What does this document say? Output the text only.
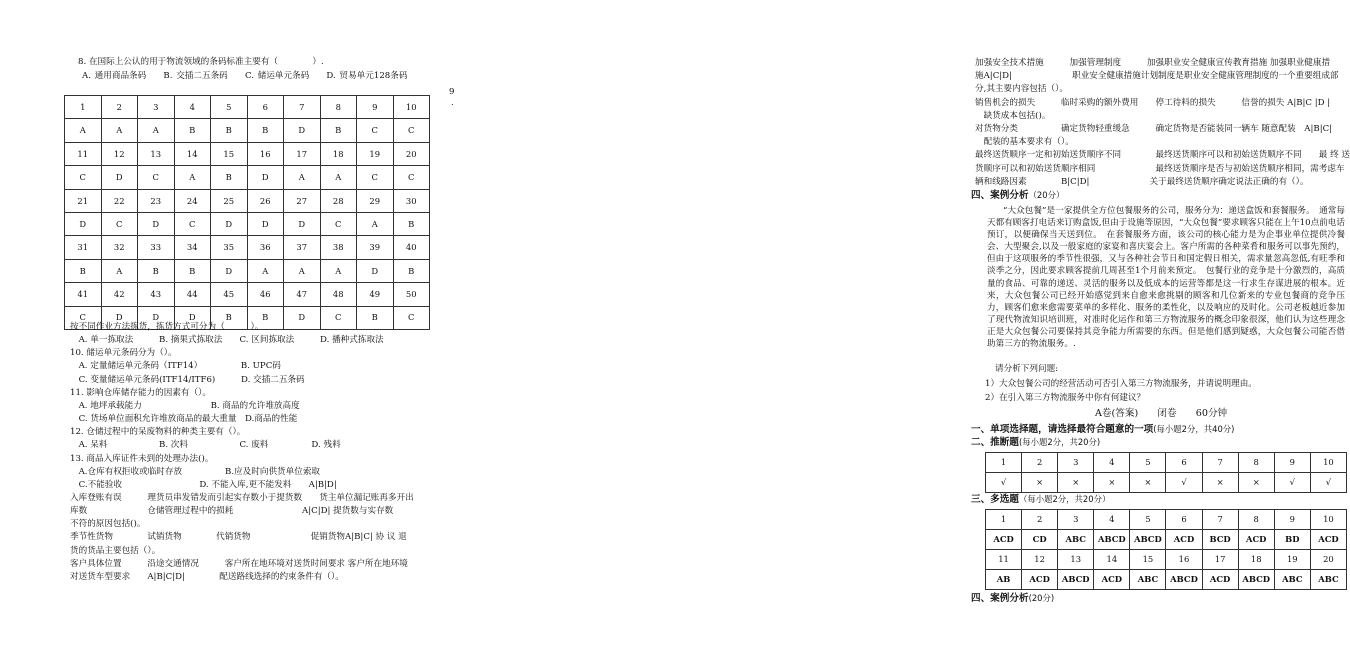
8. 在国际上公认的用于物流领域的条码标准主要有（　　　　）.
A. 通用商品条码　　B. 交插二五条码　　C. 储运单元条码　　D. 贸易单元128条码
9
.
1	2	3	4	5	6	7	8	9	10
A	A	A	B	B	B	D	B	C	C
11	12	13	14	15	16	17	18	19	20
C	D	C	A	B	D	A	A	C	C
21	22	23	24	25	26	27	28	29	30
D	C	D	C	D	D	D	C	A	B
31	32	33	34	35	36	37	38	39	40
B	A	B	B	D	A	A	A	D	B
41	42	43	44	45	46	47	48	49	50
C	D	D	D	B	B	D	C	B	C
按不同作业方法拣货，拣货方式可分为（　　　）。
　A. 单一拣取法　　　B. 摘果式拣取法　　C. 区间拣取法　　　D. 播种式拣取法
10. 储运单元条码分为（）。
　A. 定量储运单元条码（ITF14）　　　　　B. UPC码
　C. 变量储运单元条码(ITF14/ITF6)　　　D. 交插二五条码
11. 影响仓库储存能力的因素有（）。
　A. 地坪承载能力　　　　　　　　B. 商品的允许堆放高度
　C. 货场单位面积允许堆放商品的最大重量　D.商品的性能
12. 仓储过程中的呆废物料的种类主要有（）。
　A. 呆料　　　　　　B. 次料　　　　　　C. 废料　　　　　D. 残料
13. 商品入库证件未到的处理办法()。
　A.仓库有权拒收或临时存放　　　　　B.应及时向供货单位索取
　C.不能验收　　　　　　　　　D. 不能入库,更不能发料　　A|B|D|
入库登账有误　　　理货员串发错发而引起实存数小于提货数　　货主单位漏记账再多开出
库数　　　　　　　仓储管理过程中的损耗　　　　　　　　A|C|D| 提货数与实存数
不符的原因包括()。
季节性货物　　　　试销货物　　　　代销货物　　　　　　　促销货物A|B|C| 协 议 退
货的货品主要包括（）。
客户具体位置　　　沿途交通情况　　　客户所在地环境对送货时间要求 客户所在地环境
对送货车型要求　　A|B|C|D|　　　　配送路线选择的约束条件有（）。
加强安全技术措施　　　加强管理制度　　　加强职业安全健康宣传教育措施 加强职业健康措
施A|C|D|　　　　　　　职业安全健康措施计划制度是职业安全健康管理制度的一个重要组成部
分,其主要内容包括（）。
销售机会的损失　　　临时采购的额外费用　　停工待料的损失　　　信誉的损失 A|B|C |D |
　缺货成本包括()。
对货物分类　　　　　确定货物轻重缓急　　　确定货物是否能装同一辆车 随意配装　A|B|C|
　配装的基本要求有（）。
最终送货顺序一定和初始送货顺序不同　　　　最终送货顺序可以和初始送货顺序不同　　最 终 送
货顺序可以和初始送货顺序相同　　　　　　　最终送货顺序是否与初始送货顺序相同，需考虑车
辆和线路因素　　　　B|C|D|　　　　　　　关于最终送货顺序确定说法正确的有（）。
四、案例分析（20分）
“大众包餐”是一家提供全方位包餐服务的公司，服务分为：递送盒饭和套餐服务。　通常每天都有顾客打电话来订购盒饭,但由于设施等原因，“大众包餐”要求顾客只能在上午10点前电话预订，以便确保当天送到位。　在套餐服务方面，该公司的核心能力是为企事业单位提供冷餐会、大型聚会,以及一般家庭的家宴和喜庆宴会上。客户所需的各种菜肴和服务可以事先预约，但由于这项服务的季节性很强，又与各种社会节日和国定假日相关，需求量忽高忽低,有旺季和淡季之分，因此要求顾客提前几周甚至1个月前来预定。　包餐行业的竞争是十分激烈的，高质量的食品、可靠的递送、灵活的服务以及低成本的运营等都是这一行求生存谋进展的根本。近来，大众包餐公司已经开始感觉到来自愈来愈挑剔的顾客和几位新来的专业包餐商的竞争压力，顾客们愈来愈需要菜单的多样化、服务的柔性化，以及响应的及时化。公司老板越近参加了现代物流知识培训班，对准时化运作和第三方物流服务的概念印象很深，他们认为这些理念正是大众包餐公司要保持其竞争能力所需要的东西。但是他们感到疑惑，大众包餐公司能否借助第三方的物流服务。.
请分析下列问题:
1）大众包餐公司的经营活动可否引入第三方物流服务，并请说明理由。
2）在引入第三方物流服务中你有何建议？
A卷(答案)　　闭卷　　60分钟
一、单项选择题，请选择最符合题意的一项(每小题2分，共40分)
二、推断题(每小题2分，共20分)
1	2	3	4	5	6	7	8	9	10
√	×	×	×	×	√	×	×	√	√
三、多选题（每小题2分，共20分）
1	2	3	4	5	6	7	8	9	10
ACD	CD	ABC	ABCD	ABCD	ACD	BCD	ACD	BD	ACD
11	12	13	14	15	16	17	18	19	20
AB	ACD	ABCD	ACD	ABC	ABCD	ACD	ABCD	ABC	ABC
四、案例分析(20分)
